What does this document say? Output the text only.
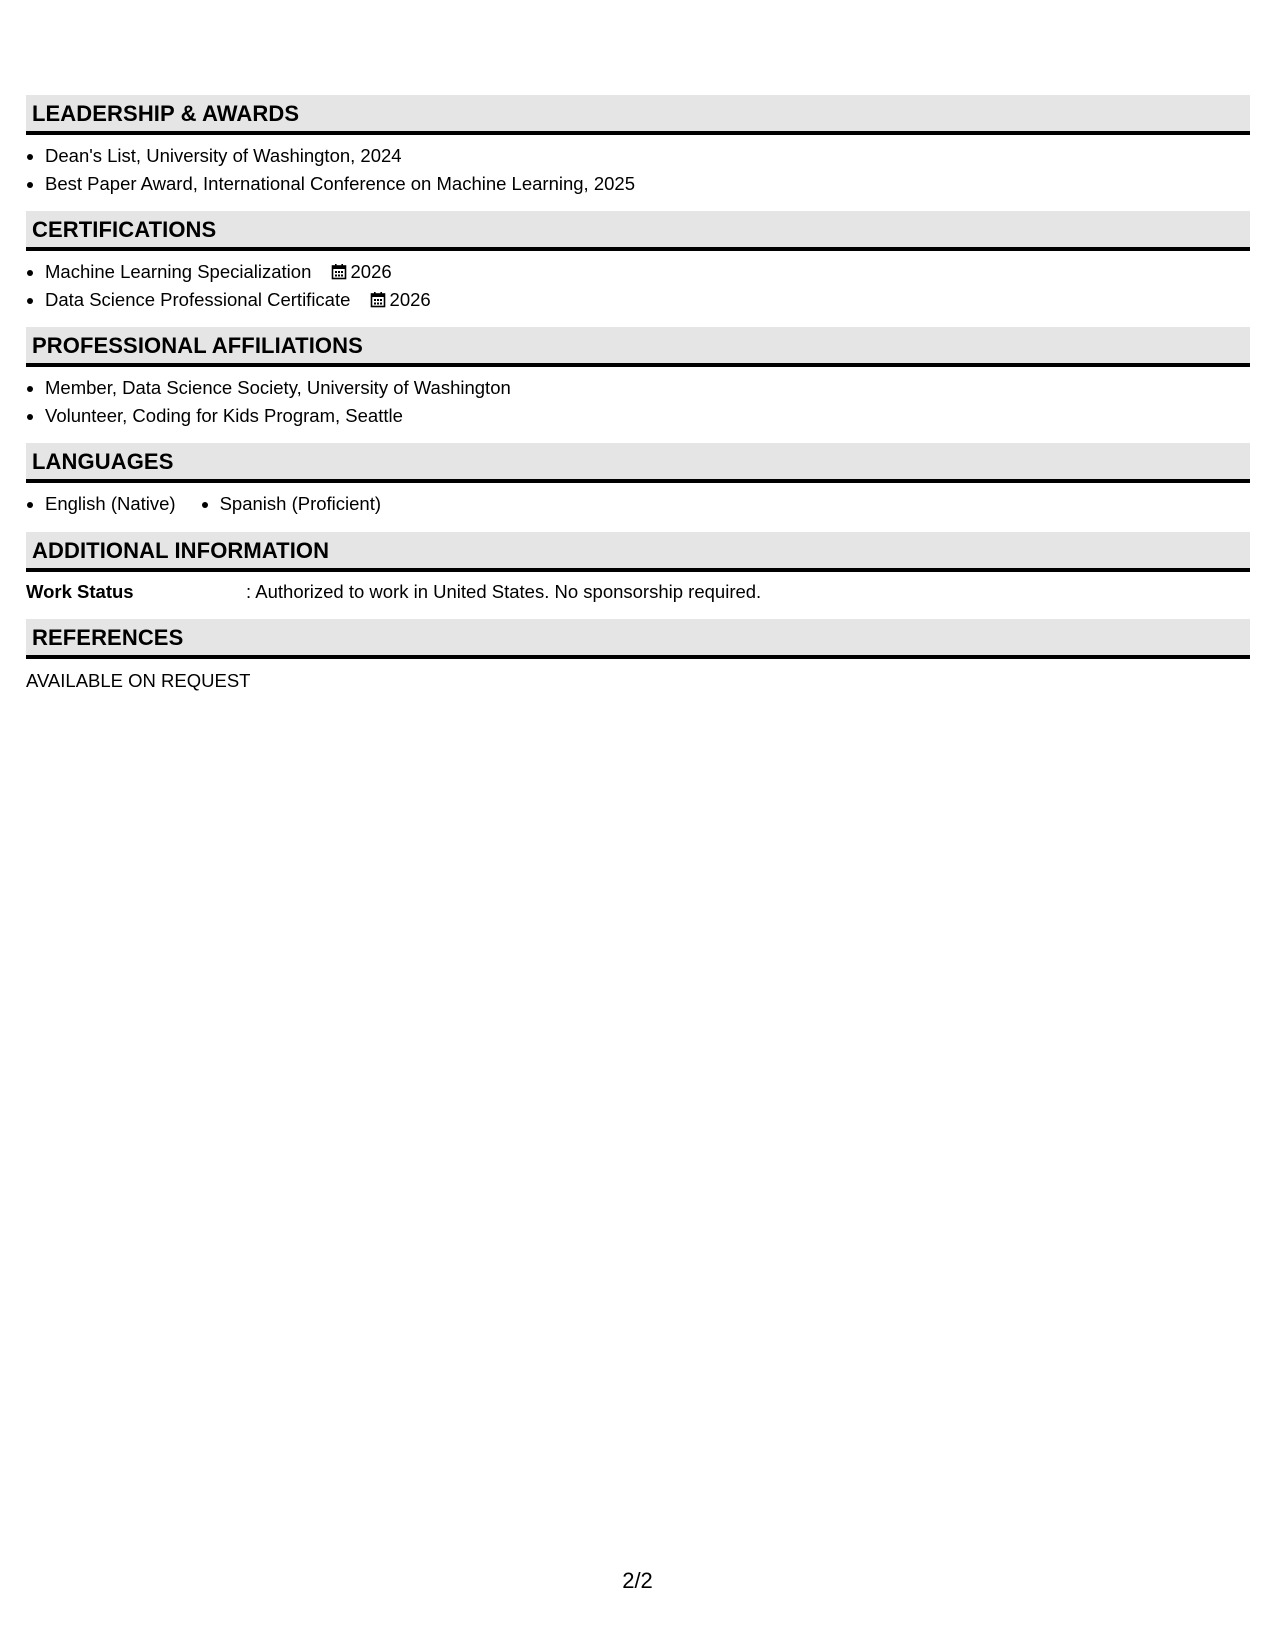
LEADERSHIP & AWARDS
• Dean's List, University of Washington, 2024
• Best Paper Award, International Conference on Machine Learning, 2025
CERTIFICATIONS
• Machine Learning Specialization 2026
• Data Science Professional Certificate 2026
PROFESSIONAL AFFILIATIONS
• Member, Data Science Society, University of Washington
• Volunteer, Coding for Kids Program, Seattle
LANGUAGES
• English (Native)
• Spanish (Proficient)
ADDITIONAL INFORMATION
Work Status	: Authorized to work in United States. No sponsorship required.
REFERENCES
AVAILABLE ON REQUEST
2/2
